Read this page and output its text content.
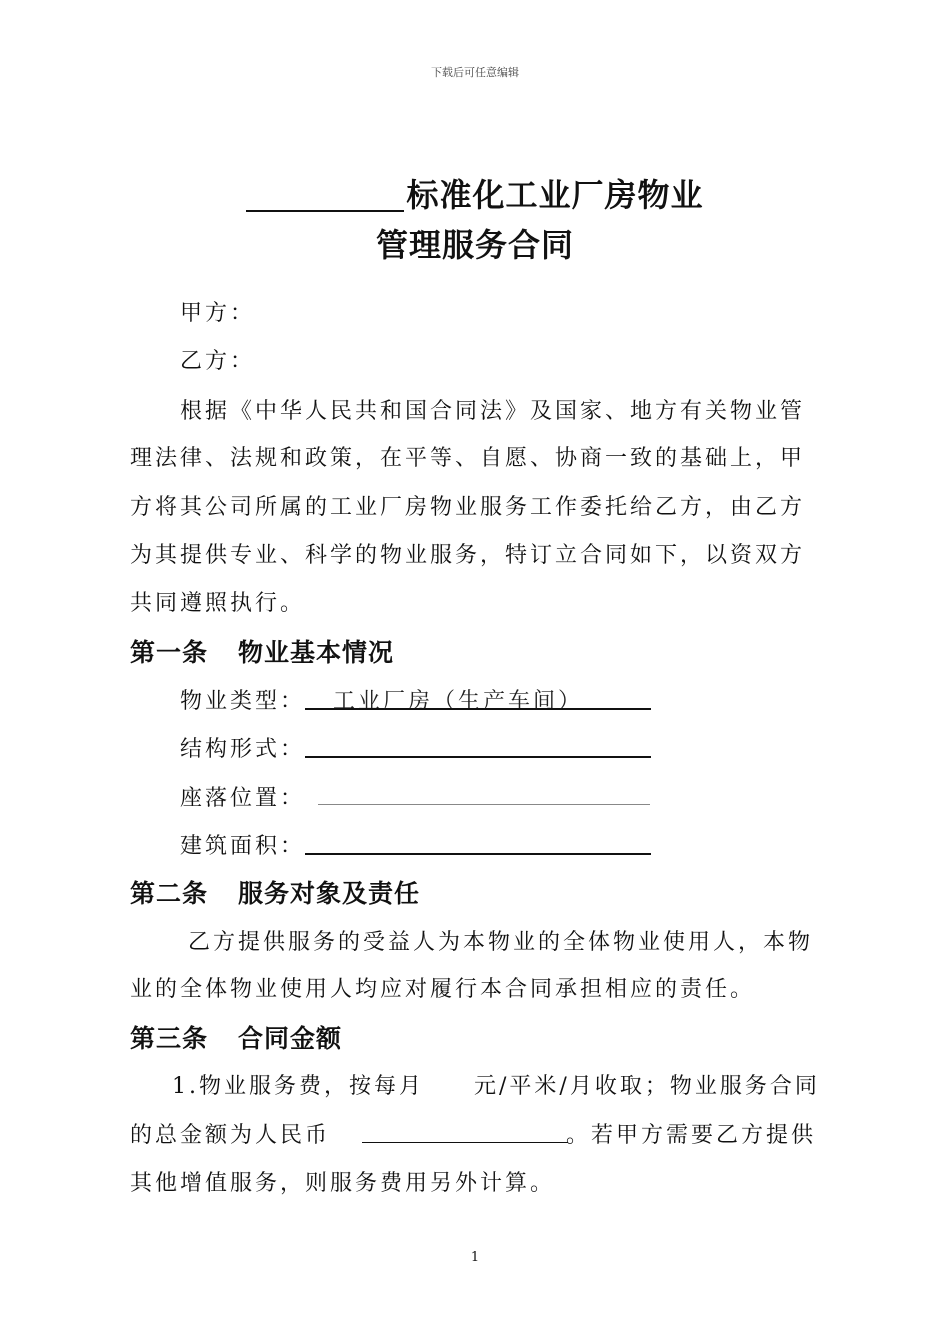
下载后可任意编辑
标准化工业厂房物业
管理服务合同
甲方：
乙方：
根据《中华人民共和国合同法》及国家、地方有关物业管
理法律、法规和政策，在平等、自愿、协商一致的基础上，甲
方将其公司所属的工业厂房物业服务工作委托给乙方，由乙方
为其提供专业、科学的物业服务，特订立合同如下，以资双方
共同遵照执行。
第一条 物业基本情况
物业类型： 工业厂房（生产车间）
结构形式：
座落位置：
建筑面积：
第二条 服务对象及责任
乙方提供服务的受益人为本物业的全体物业使用人，本物
业的全体物业使用人均应对履行本合同承担相应的责任。
第三条 合同金额
1.物业服务费，按每月　　元/平米/月收取；物业服务合同
的总金额为人民币	。若甲方需要乙方提供
其他增值服务，则服务费用另外计算。
1
